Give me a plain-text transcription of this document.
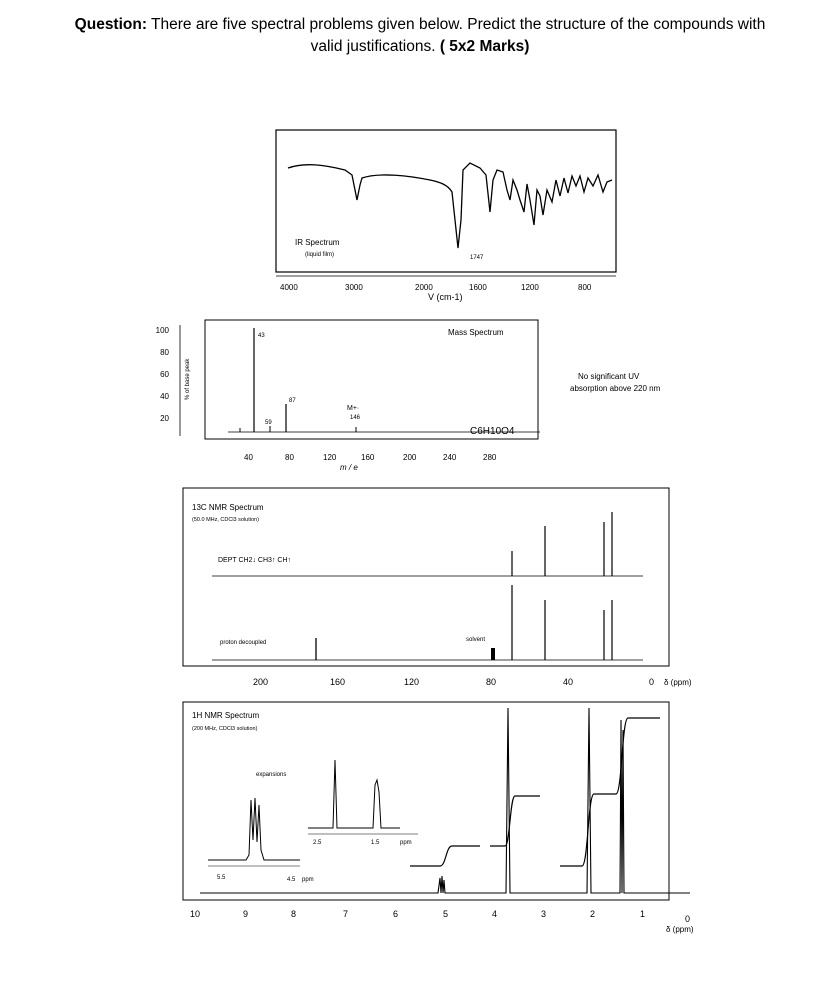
Question: There are five spectral problems given below. Predict the structure of the compounds with
valid justifications. ( 5x2 Marks)
IR Spectrum
(liquid film)	1747
4000	3000	2000	1600	1200	800
V (cm-1)
Mass Spectrum
100
80
60
40
20
% of base peak
43
87
59
M+·
146
C6H10O4
40	80	120	160	200	240	280
m / e
No significant UV
absorption above 220 nm
13C NMR Spectrum
(50.0 MHz, CDCl3 solution)
DEPT CH2↓ CH3↑ CH↑
proton decoupled	solvent
200	160	120	80	40	0 δ (ppm)
1H NMR Spectrum
(200 MHz, CDCl3 solution)
expansions
5.5	4.5 ppm
2.5	1.5	ppm
10	9	8	7	6	5	4	3	2	1	0
δ (ppm)
